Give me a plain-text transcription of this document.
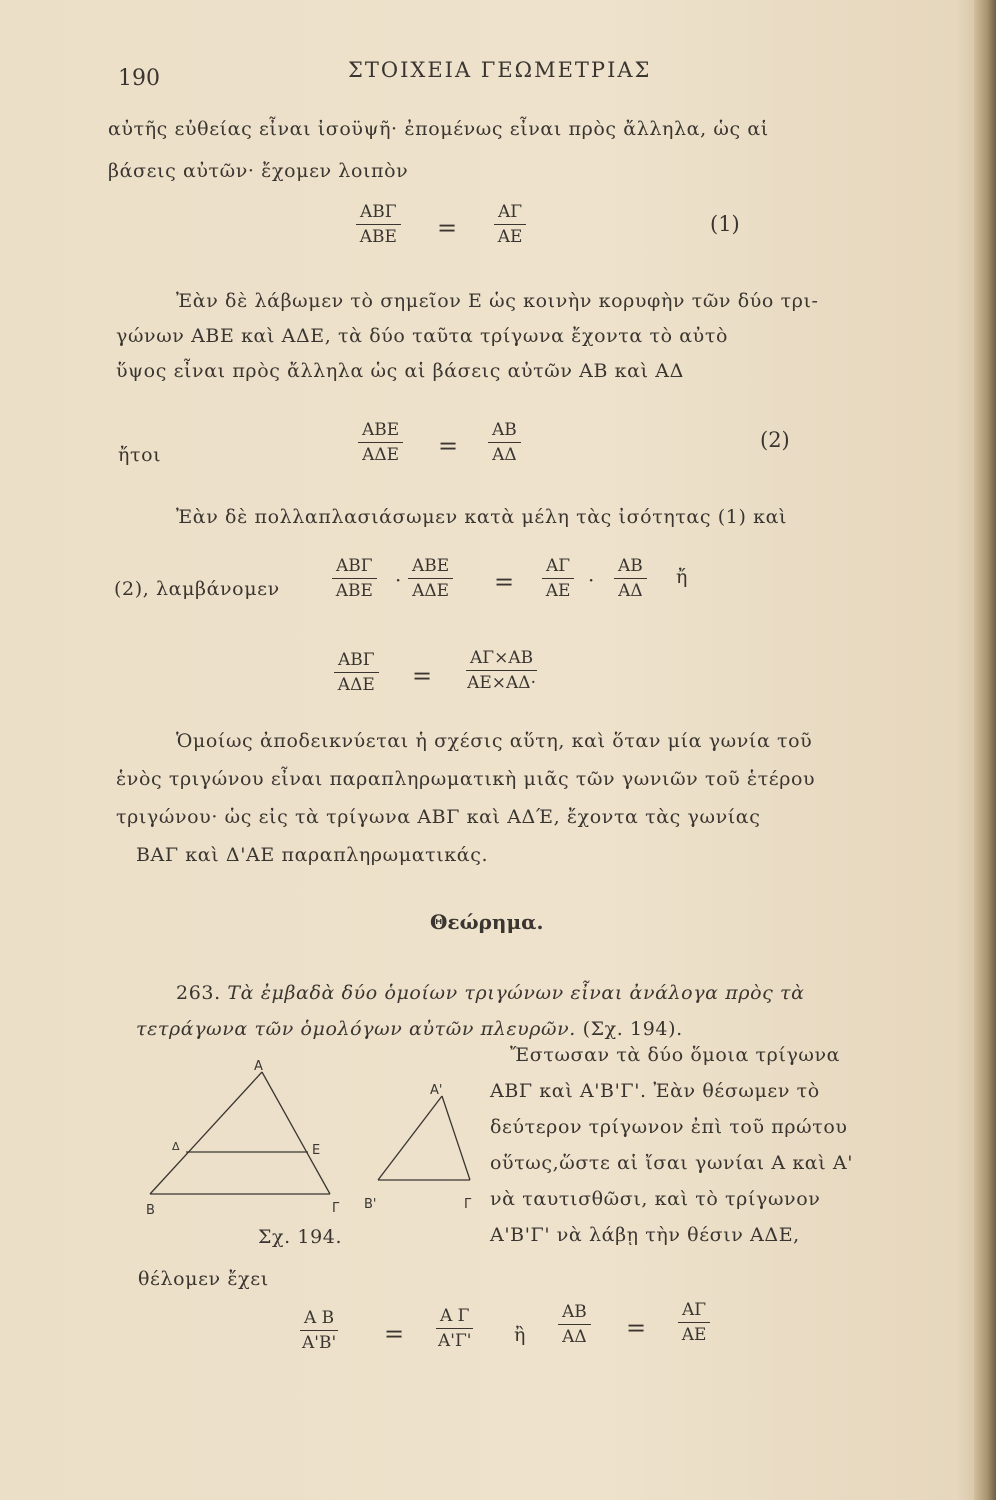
190	ΣΤΟΙΧΕΙΑ ΓΕΩΜΕΤΡΙΑΣ
αὐτῆς εὐθείας εἶναι ἰσοϋψῆ· ἐπομένως εἶναι πρὸς ἄλληλα, ὡς αἱ
βάσεις αὐτῶν· ἔχομεν λοιπὸν
ΑΒΓ
$ABE = \frac{A\Gamma}{AE}$	(1)
Ἐὰν δὲ λάβωμεν τὸ σημεῖον Ε ὡς κοινὴν κορυφὴν τῶν δύο τρι-
γώνων ΑΒΕ καὶ ΑΔΕ, τὰ δύο ταῦτα τρίγωνα ἔχοντα τὸ αὐτὸ
ὕψος εἶναι πρὸς ἄλληλα ὡς αἱ βάσεις αὐτῶν ΑΒ καὶ ΑΔ
ἤτοι
ΑΒΕ
$A\Delta E = \frac{AB}{A\Delta}$	(2)
Ἐὰν δὲ πολλαπλασιάσωμεν κατὰ μέλη τὰς ἰσότητας (1) καὶ
(2), λαμβάνομεν
ΑΒΓ
ΑΒΕ ·
ΑΒΕ
$A\Delta E = \frac{A\Gamma}{AE} \cdot \frac{AB}{A\Delta}$ ἤ
ΑΒΓ
$A\Delta E = \frac{A\Gamma\times AB}{AE\times A\Delta\cdot}$
Ὁμοίως ἀποδεικνύεται ἡ σχέσις αὕτη, καὶ ὅταν μία γωνία τοῦ
ἑνὸς τριγώνου εἶναι παραπληρωματικὴ μιᾶς τῶν γωνιῶν τοῦ ἑτέρου
τριγώνου· ὡς εἰς τὰ τρίγωνα ΑΒΓ καὶ ΑΔΈ, ἔχοντα τὰς γωνίας
ΒΑΓ καὶ Δ'ΑΕ παραπληρωματικάς.
Θεώρημα.
263. Τὰ ἐμβαδὰ δύο ὁμοίων τριγώνων εἶναι ἀνάλογα πρὸς τὰ
τετράγωνα τῶν ὁμολόγων αὐτῶν πλευρῶν. (Σχ. 194).
Ἔστωσαν τὰ δύο ὅμοια τρίγωνα
ΑΒΓ καὶ Α'Β'Γ'. Ἐὰν θέσωμεν τὸ
δεύτερον τρίγωνον ἐπὶ τοῦ πρώτου
οὕτως,ὥστε αἱ ἴσαι γωνίαι Α καὶ Α'
νὰ ταυτισθῶσι, καὶ τὸ τρίγωνον
Α'Β'Γ' νὰ λάβῃ τὴν θέσιν ΑΔΕ,
Α
Β	Γ
Δ	Ε
Α'
Β'	Γ
Σχ. 194.
θέλομεν ἔχει
$\frac{\text{Α Β}}{A'B'} = \frac{\text{Α Γ}}{A'\Gamma'}$ ἢ $\frac{AB}{A\Delta} = \frac{A\Gamma}{AE}$
